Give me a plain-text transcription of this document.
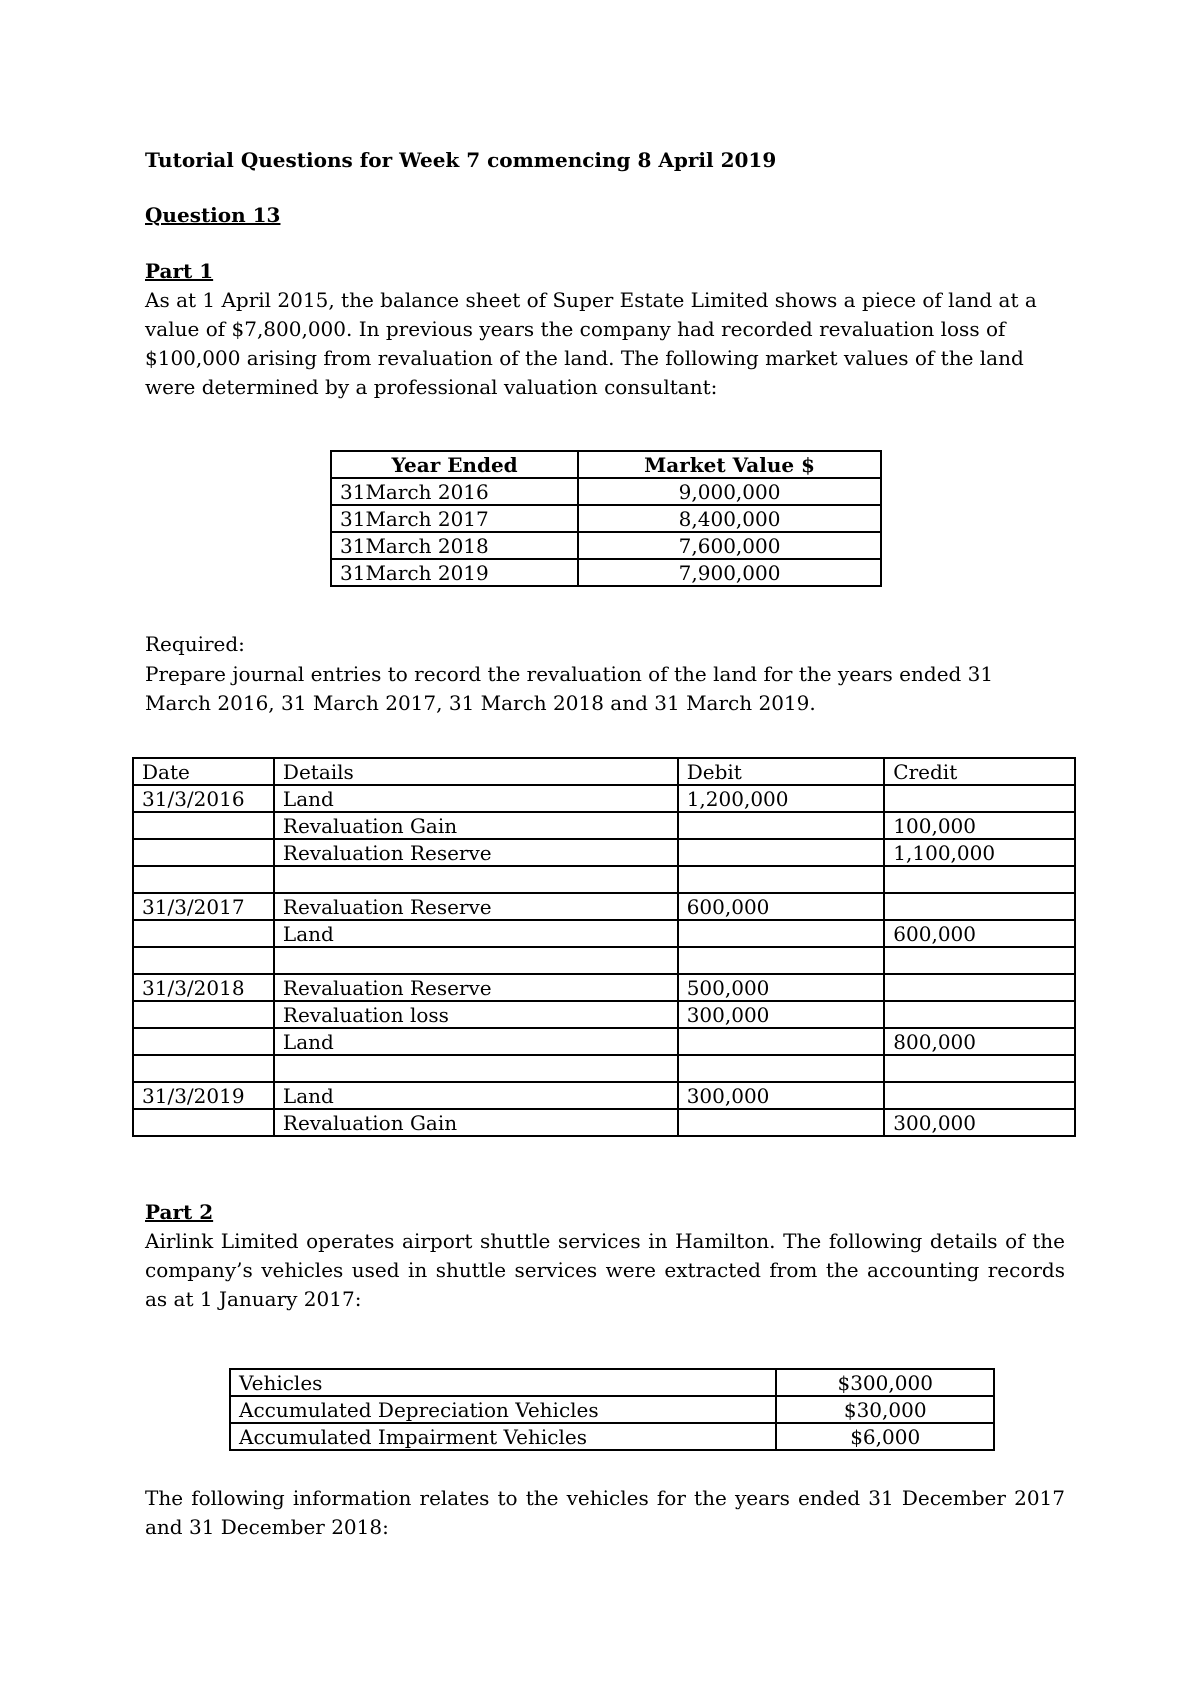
Tutorial Questions for Week 7 commencing 8 April 2019
Question 13
Part 1

As at 1 April 2015, the balance sheet of Super Estate Limited shows a piece of land at a value of $7,800,000. In previous years the company had recorded revaluation loss of $100,000 arising from revaluation of the land. The following market values of the land were determined by a professional valuation consultant:

Year Ended	Market Value $
31March 2016	9,000,000
31March 2017	8,400,000
31March 2018	7,600,000
31March 2019	7,900,000
Required:
Prepare journal entries to record the revaluation of the land for the years ended 31 March 2016, 31 March 2017, 31 March 2018 and 31 March 2019.
Date	Details	Debit	Credit
31/3/2016	Land	1,200,000	
	Revaluation Gain		100,000
	Revaluation Reserve		1,100,000

31/3/2017	Revaluation Reserve	600,000	
	Land		600,000

31/3/2018	Revaluation Reserve	500,000	
	Revaluation loss	300,000	
	Land		800,000

31/3/2019	Land	300,000	
	Revaluation Gain		300,000
Part 2
Airlink Limited operates airport shuttle services in Hamilton. The following details of the company’s vehicles used in shuttle services were extracted from the accounting records as at 1 January 2017:
Vehicles	$300,000
Accumulated Depreciation Vehicles	$30,000
Accumulated Impairment Vehicles	$6,000
The following information relates to the vehicles for the years ended 31 December 2017 and 31 December 2018:
